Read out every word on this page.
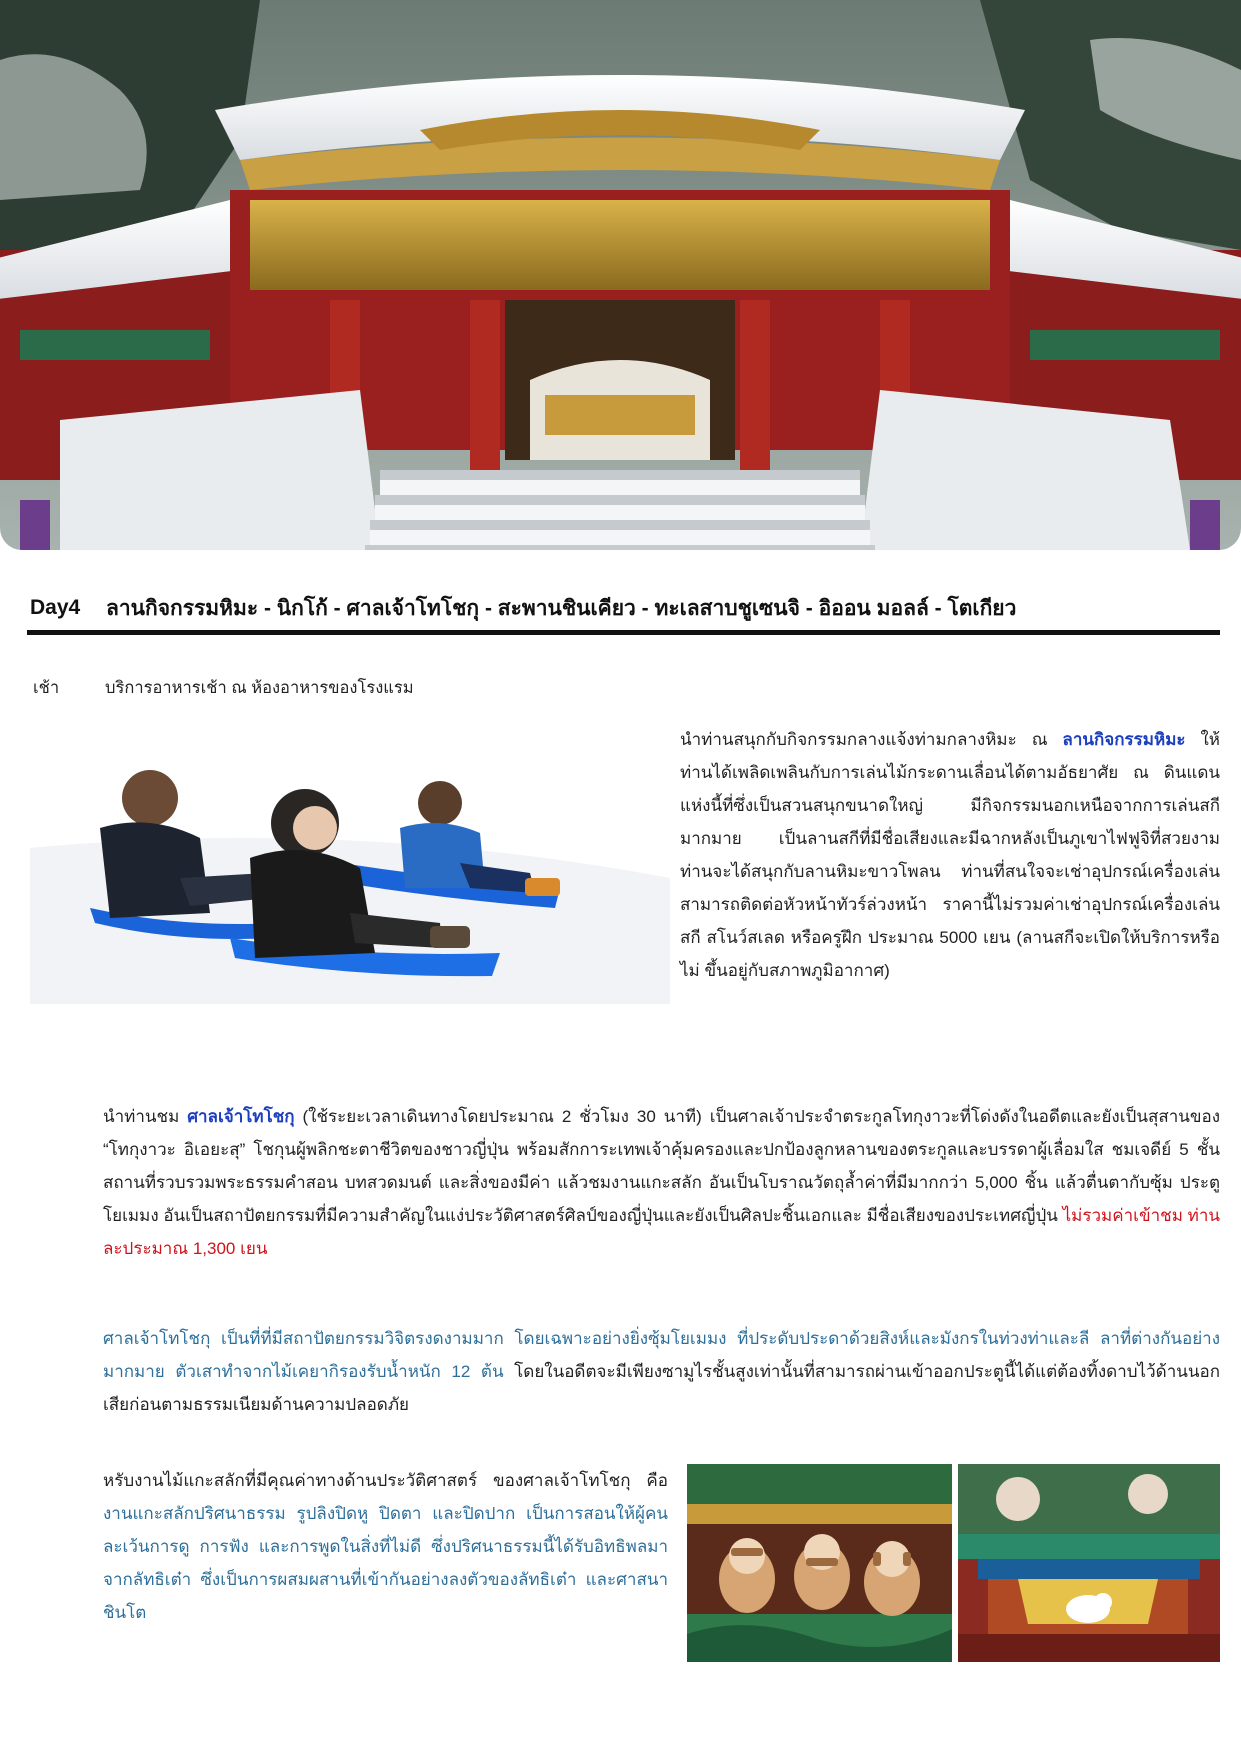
Day4	ลานกิจกรรมหิมะ - นิกโก้ - ศาลเจ้าโทโชกุ - สะพานชินเคียว - ทะเลสาบชูเซนจิ - อิออน มอลล์ - โตเกียว
เช้า	บริการอาหารเช้า ณ ห้องอาหารของโรงแรม
นำท่านสนุกกับกิจกรรมกลางแจ้งท่ามกลางหิมะ ณ ลานกิจกรรมหิมะ ให้ท่านได้เพลิดเพลินกับการเล่นไม้กระดานเลื่อนได้ตามอัธยาศัย ณ ดินแดนแห่งนี้ที่ซึ่งเป็นสวนสนุกขนาดใหญ่ มีกิจกรรมนอกเหนือจากการเล่นสกีมากมาย เป็นลานสกีที่มีชื่อเสียงและมีฉากหลังเป็นภูเขาไฟฟูจิที่สวยงามท่านจะได้สนุกกับลานหิมะขาวโพลน ท่านที่สนใจจะเช่าอุปกรณ์เครื่องเล่นสามารถติดต่อหัวหน้าทัวร์ล่วงหน้า ราคานี้ไม่รวมค่าเช่าอุปกรณ์เครื่องเล่นสกี สโนว์สเลด หรือครูฝึก ประมาณ 5000 เยน (ลานสกีจะเปิดให้บริการหรือไม่ ขึ้นอยู่กับสภาพภูมิอากาศ)
นำท่านชม ศาลเจ้าโทโชกุ (ใช้ระยะเวลาเดินทางโดยประมาณ 2 ชั่วโมง 30 นาที) เป็นศาลเจ้าประจำตระกูลโทกุงาวะที่โด่งดังในอดีตและยังเป็นสุสานของ “โทกุงาวะ อิเอยะสุ” โชกุนผู้พลิกชะตาชีวิตของชาวญี่ปุ่น พร้อมสักการะเทพเจ้าคุ้มครองและปกป้องลูกหลานของตระกูลและบรรดาผู้เลื่อมใส ชมเจดีย์ 5 ชั้น สถานที่รวบรวมพระธรรมคำสอน บทสวดมนต์ และสิ่งของมีค่า แล้วชมงานแกะสลัก อันเป็นโบราณวัตถุล้ำค่าที่มีมากกว่า 5,000 ชิ้น แล้วตื่นตากับซุ้ม ประตูโยเมมง อันเป็นสถาปัตยกรรมที่มีความสำคัญในแง่ประวัติศาสตร์ศิลป์ของญี่ปุ่นและยังเป็นศิลปะชิ้นเอกและ มีชื่อเสียงของประเทศญี่ปุ่น ไม่รวมค่าเข้าชม ท่านละประมาณ 1,300 เยน
ศาลเจ้าโทโชกุ เป็นที่ที่มีสถาปัตยกรรมวิจิตรงดงามมาก โดยเฉพาะอย่างยิ่งซุ้มโยเมมง ที่ประดับประดาด้วยสิงห์และมังกรในท่วงท่าและลี ลาที่ต่างกันอย่างมากมาย ตัวเสาทำจากไม้เคยากิรองรับน้ำหนัก 12 ต้น โดยในอดีตจะมีเพียงซามูไรชั้นสูงเท่านั้นที่สามารถผ่านเข้าออกประตูนี้ได้แต่ต้องทิ้งดาบไว้ด้านนอกเสียก่อนตามธรรมเนียมด้านความปลอดภัย
หรับงานไม้แกะสลักที่มีคุณค่าทางด้านประวัติศาสตร์ ของศาลเจ้าโทโชกุ คือ งานแกะสลักปริศนาธรรม รูปลิงปิดหู ปิดตา และปิดปาก เป็นการสอนให้ผู้คนละเว้นการดู การฟัง และการพูดในสิ่งที่ไม่ดี ซึ่งปริศนาธรรมนี้ได้รับอิทธิพลมาจากลัทธิเต๋า ซึ่งเป็นการผสมผสานที่เข้ากันอย่างลงตัวของลัทธิเต๋า และศาสนาชินโต
